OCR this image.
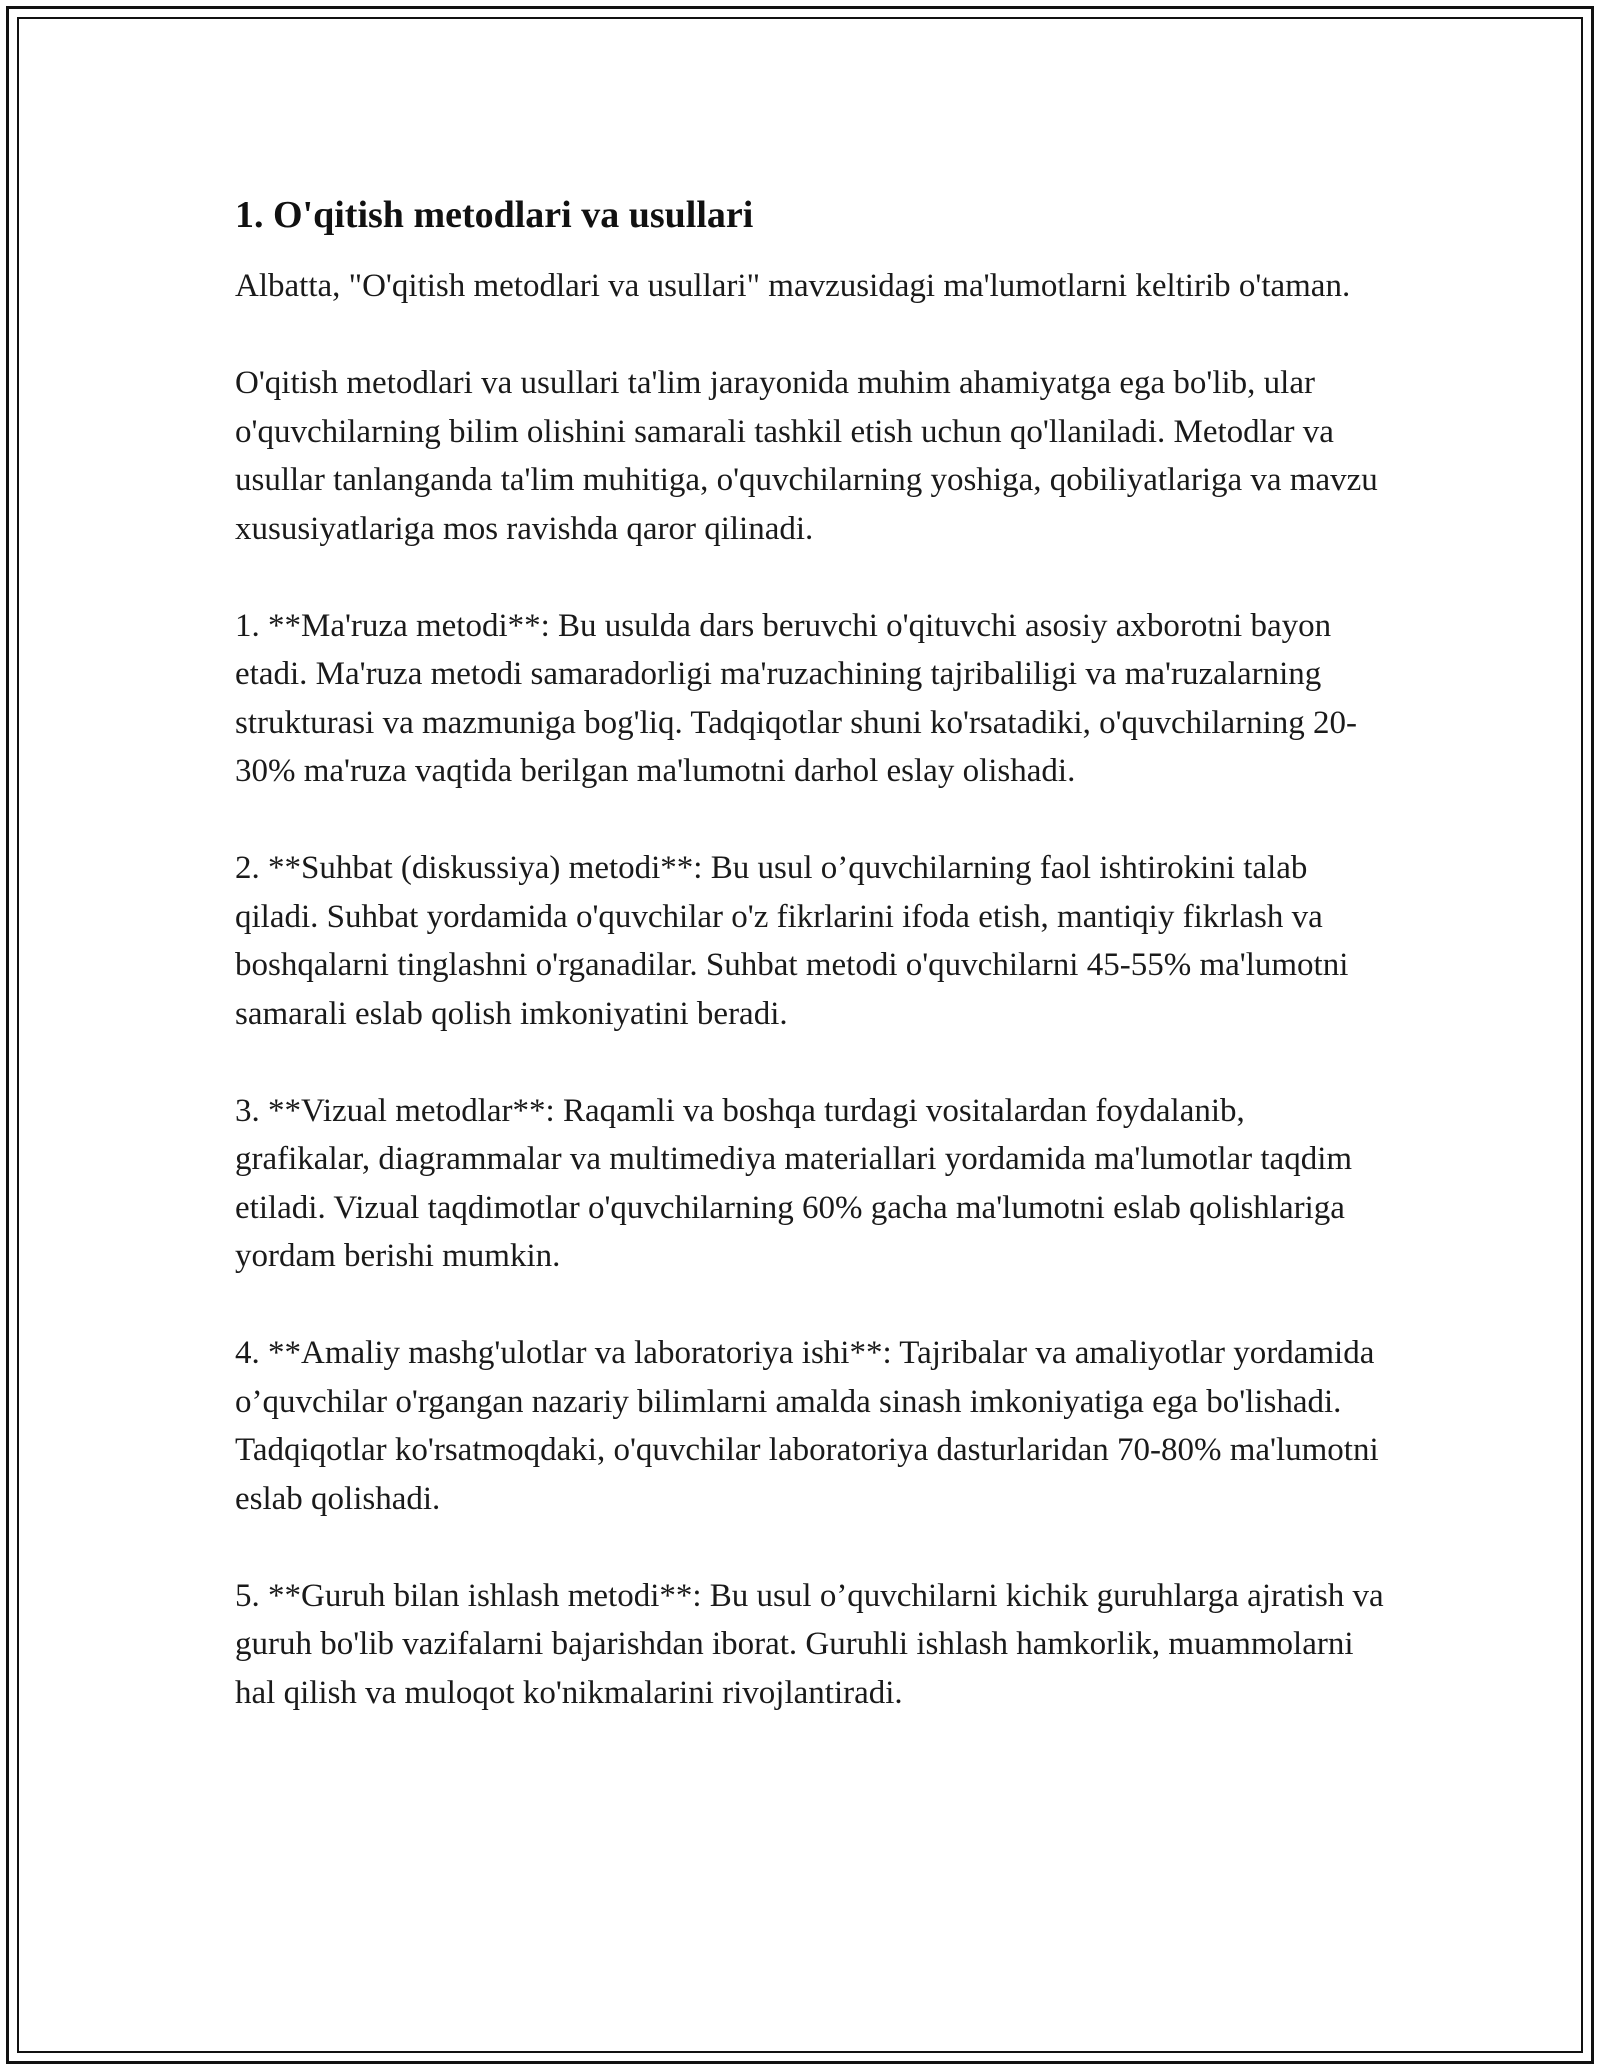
1. O'qitish metodlari va usullari

Albatta, "O'qitish metodlari va usullari" mavzusidagi ma'lumotlarni keltirib o'taman.

O'qitish metodlari va usullari ta'lim jarayonida muhim ahamiyatga ega bo'lib, ular o'quvchilarning bilim olishini samarali tashkil etish uchun qo'llaniladi. Metodlar va usullar tanlanganda ta'lim muhitiga, o'quvchilarning yoshiga, qobiliyatlariga va mavzu xususiyatlariga mos ravishda qaror qilinadi.

1. **Ma'ruza metodi**: Bu usulda dars beruvchi o'qituvchi asosiy axborotni bayon etadi. Ma'ruza metodi samaradorligi ma'ruzachining tajribaliligi va ma'ruzalarning strukturasi va mazmuniga bog'liq. Tadqiqotlar shuni ko'rsatadiki, o'quvchilarning 20-30% ma'ruza vaqtida berilgan ma'lumotni darhol eslay olishadi.

2. **Suhbat (diskussiya) metodi**: Bu usul o’quvchilarning faol ishtirokini talab qiladi. Suhbat yordamida o'quvchilar o'z fikrlarini ifoda etish, mantiqiy fikrlash va boshqalarni tinglashni o'rganadilar. Suhbat metodi o'quvchilarni 45-55% ma'lumotni samarali eslab qolish imkoniyatini beradi.

3. **Vizual metodlar**: Raqamli va boshqa turdagi vositalardan foydalanib, grafikalar, diagrammalar va multimediya materiallari yordamida ma'lumotlar taqdim etiladi. Vizual taqdimotlar o'quvchilarning 60% gacha ma'lumotni eslab qolishlariga yordam berishi mumkin.

4. **Amaliy mashg'ulotlar va laboratoriya ishi**: Tajribalar va amaliyotlar yordamida o’quvchilar o'rgangan nazariy bilimlarni amalda sinash imkoniyatiga ega bo'lishadi. Tadqiqotlar ko'rsatmoqdaki, o'quvchilar laboratoriya dasturlaridan 70-80% ma'lumotni eslab qolishadi.

5. **Guruh bilan ishlash metodi**: Bu usul o’quvchilarni kichik guruhlarga ajratish va guruh bo'lib vazifalarni bajarishdan iborat. Guruhli ishlash hamkorlik, muammolarni hal qilish va muloqot ko'nikmalarini rivojlantiradi.
